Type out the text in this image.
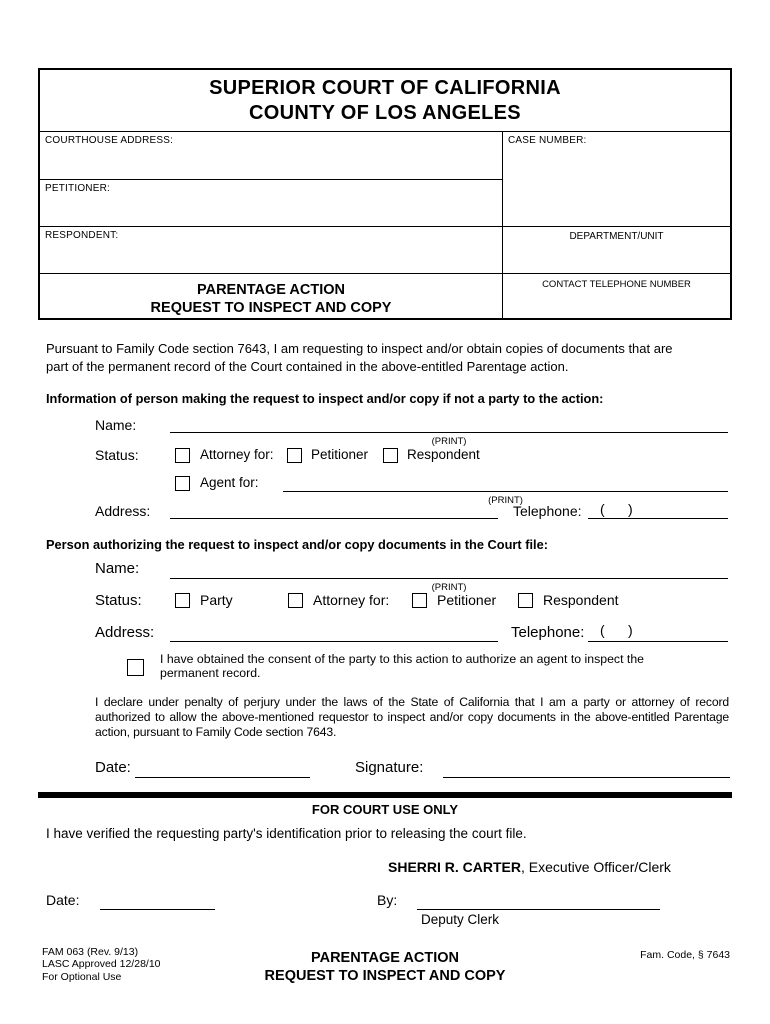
SUPERIOR COURT OF CALIFORNIA
COUNTY OF LOS ANGELES
COURTHOUSE ADDRESS:
PETITIONER:
RESPONDENT:
PARENTAGE ACTION
REQUEST TO INSPECT AND COPY
CASE NUMBER:
DEPARTMENT/UNIT
CONTACT TELEPHONE NUMBER
Pursuant to Family Code section 7643, I am requesting to inspect and/or obtain copies of documents that are
part of the permanent record of the Court contained in the above-entitled Parentage action.
Information of person making the request to inspect and/or copy if not a party to the action:
Name:
(PRINT)
Status:	Attorney for:	Petitioner	Respondent
Agent for:
(PRINT)
Address:	Telephone:	(      )
Person authorizing the request to inspect and/or copy documents in the Court file:
Name:
(PRINT)
Status:	Party	Attorney for:	Petitioner	Respondent
Address:	Telephone:	(      )
I have obtained the consent of the party to this action to authorize an agent to inspect the
permanent record.
I declare under penalty of perjury under the laws of the State of California that I am a party or attorney of record authorized to allow the above-mentioned requestor to inspect and/or copy documents in the above-entitled Parentage action, pursuant to Family Code section 7643.
Date:	Signature:
FOR COURT USE ONLY
I have verified the requesting party's identification prior to releasing the court file.
SHERRI R. CARTER, Executive Officer/Clerk
Date:	By:
Deputy Clerk
FAM 063 (Rev. 9/13)
LASC Approved 12/28/10
For Optional Use
PARENTAGE ACTION
REQUEST TO INSPECT AND COPY
Fam. Code, § 7643
